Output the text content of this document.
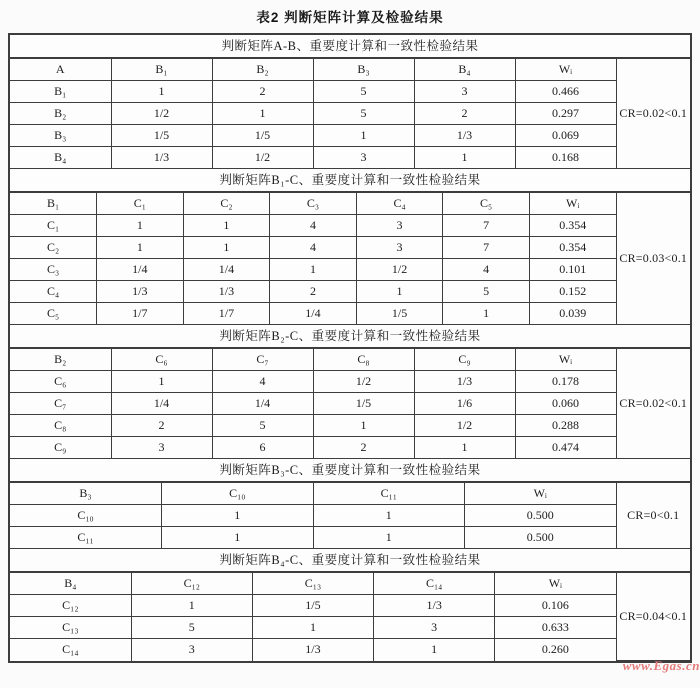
表2 判断矩阵计算及检验结果
判断矩阵A-B、重要度计算和一致性检验结果
A	B₁	B₂	B₃	B₄	Wᵢ	CR=0.02<0.1
B₁	1	2	5	3	0.466	
B₂	1/2	1	5	2	0.297	
B₃	1/5	1/5	1	1/3	0.069	
B₄	1/3	1/2	3	1	0.168	
判断矩阵B₁-C、重要度计算和一致性检验结果
B₁	C₁	C₂	C₃	C₄	C₅	Wᵢ	CR=0.03<0.1
C₁	1	1	4	3	7	0.354	
C₂	1	1	4	3	7	0.354	
C₃	1/4	1/4	1	1/2	4	0.101	
C₄	1/3	1/3	2	1	5	0.152	
C₅	1/7	1/7	1/4	1/5	1	0.039	
判断矩阵B₂-C、重要度计算和一致性检验结果
B₂	C₆	C₇	C₈	C₉	Wᵢ	CR=0.02<0.1
C₆	1	4	1/2	1/3	0.178	
C₇	1/4	1/4	1/5	1/6	0.060	
C₈	2	5	1	1/2	0.288	
C₉	3	6	2	1	0.474	
判断矩阵B₃-C、重要度计算和一致性检验结果
B₃	C₁₀	C₁₁	Wᵢ	CR=0<0.1
C₁₀	1	1	0.500	
C₁₁	1	1	0.500	
判断矩阵B₄-C、重要度计算和一致性检验结果
B₄	C₁₂	C₁₃	C₁₄	Wᵢ	CR=0.04<0.1
C₁₂	1	1/5	1/3	0.106	
C₁₃	5	1	3	0.633	
C₁₄	3	1/3	1	0.260	
www.Egas.cn
